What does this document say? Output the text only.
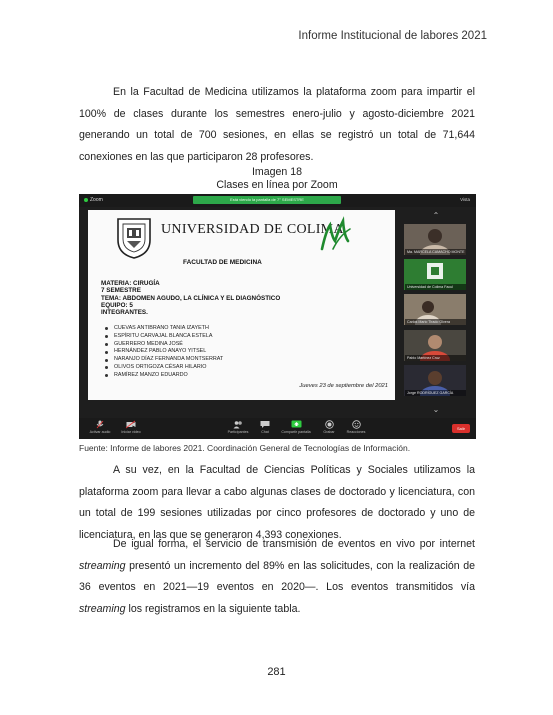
Informe Institucional de labores 2021

En la Facultad de Medicina utilizamos la plataforma zoom para impartir el 100% de clases durante los semestres enero-julio y agosto-diciembre 2021 generando un total de 700 sesiones, en ellas se registró un total de 71,644 conexiones en las que participaron 28 profesores.

Imagen 18
Clases en línea por Zoom
Zoom	Está viendo la pantalla de 7° SEMESTRE	Vista
UNIVERSIDAD DE COLIMA
FACULTAD DE MEDICINA
MATERIA: CIRUGÍA
7 SEMESTRE
TEMA: ABDOMEN AGUDO, LA CLÍNICA Y EL DIAGNÓSTICO
EQUIPO: 5
INTEGRANTES.
CUEVAS ANTIBRANO TANIA IZAYETH
ESPÍRITU CARVAJAL BLANCA ESTELA
GUERRERO MEDINA JOSÉ
HERNÁNDEZ PABLO ANAYO YITSEL
NARANJO DÍAZ FERNANDA MONTSERRAT
OLIVOS ORTIGOZA CÉSAR HILARIO
RAMÍREZ MANZO EDUARDO
Jueves 23 de septiembre del 2021
⌃
Ma. MARCELA CAMACHO MONTE
Universidad de Colima Facul
Carlos Mario Tirado Olvera
Pablo Martínez Cruz
Jorge RODRÍGUEZ GARCÍA
⌄
Activar audio	Iniciar video	Participantes	Chat	Compartir pantalla	Grabar	Reacciones
Salir
Fuente: Informe de labores 2021. Coordinación General de Tecnologías de Información.

A su vez, en la Facultad de Ciencias Políticas y Sociales utilizamos la plataforma zoom para llevar a cabo algunas clases de doctorado y licenciatura, con un total de 199 sesiones utilizadas por cinco profesores de doctorado y uno de licenciatura, en las que se generaron 4,393 conexiones.

De igual forma, el servicio de transmisión de eventos en vivo por internet streaming presentó un incremento del 89% en las solicitudes, con la realización de 36 eventos en 2021—19 eventos en 2020—. Los eventos transmitidos vía streaming los registramos en la siguiente tabla.

281
